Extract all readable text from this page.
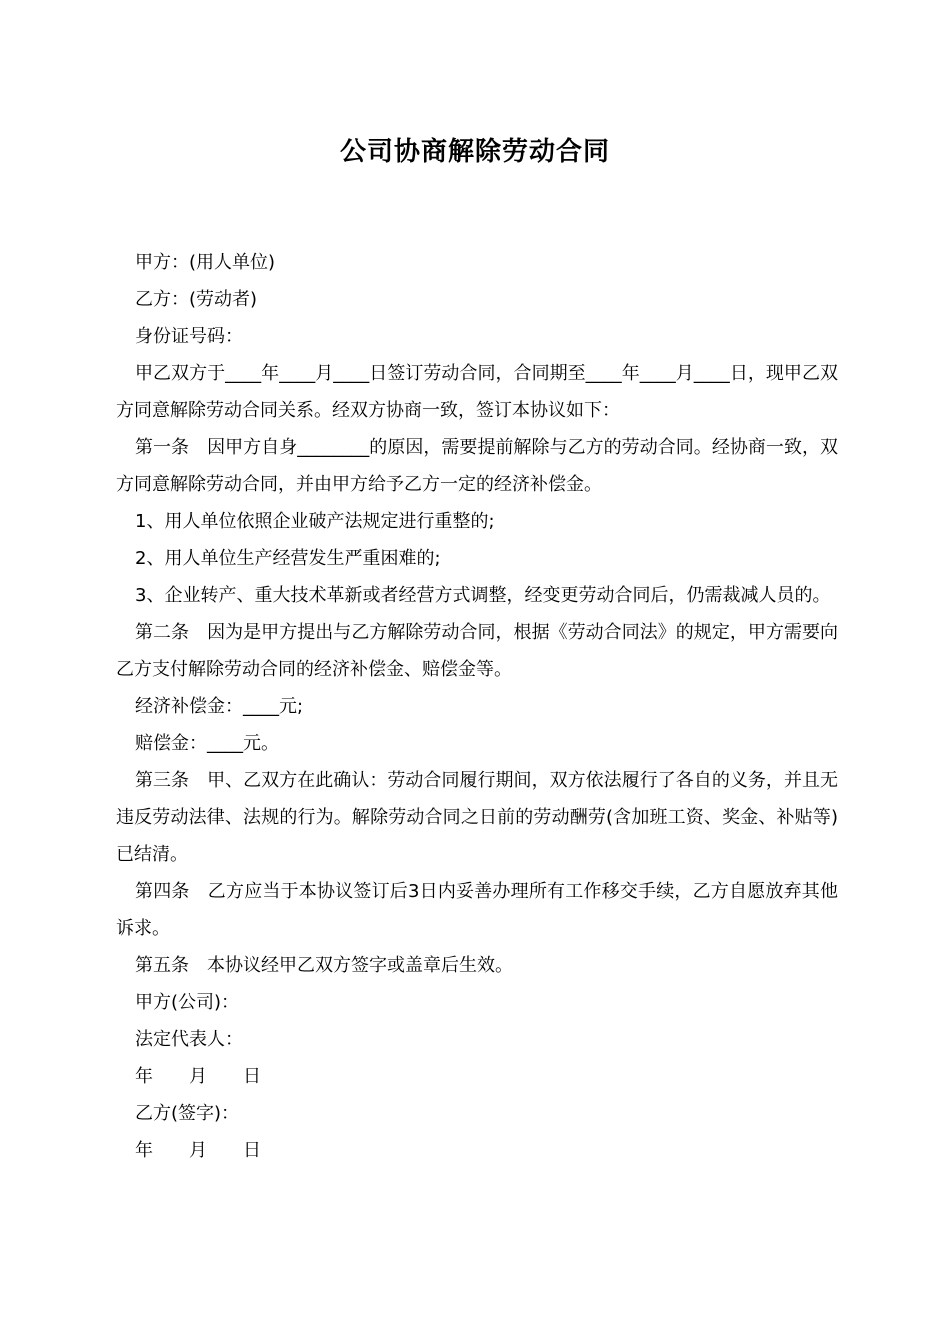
公司协商解除劳动合同

甲方：(用人单位)

乙方：(劳动者)

身份证号码：

甲乙双方于____年____月____日签订劳动合同，合同期至____年____月____日，现甲乙双方同意解除劳动合同关系。经双方协商一致，签订本协议如下：

第一条　因甲方自身________的原因，需要提前解除与乙方的劳动合同。经协商一致，双方同意解除劳动合同，并由甲方给予乙方一定的经济补偿金。

1、用人单位依照企业破产法规定进行重整的;

2、用人单位生产经营发生严重困难的;

3、企业转产、重大技术革新或者经营方式调整，经变更劳动合同后，仍需裁减人员的。

第二条　因为是甲方提出与乙方解除劳动合同，根据《劳动合同法》的规定，甲方需要向乙方支付解除劳动合同的经济补偿金、赔偿金等。

经济补偿金：____元;

赔偿金：____元。

第三条　甲、乙双方在此确认：劳动合同履行期间，双方依法履行了各自的义务，并且无违反劳动法律、法规的行为。解除劳动合同之日前的劳动酬劳(含加班工资、奖金、补贴等)已结清。

第四条　乙方应当于本协议签订后3日内妥善办理所有工作移交手续，乙方自愿放弃其他诉求。

第五条　本协议经甲乙双方签字或盖章后生效。

甲方(公司)：

法定代表人：

年　　月　　日

乙方(签字)：

年　　月　　日
